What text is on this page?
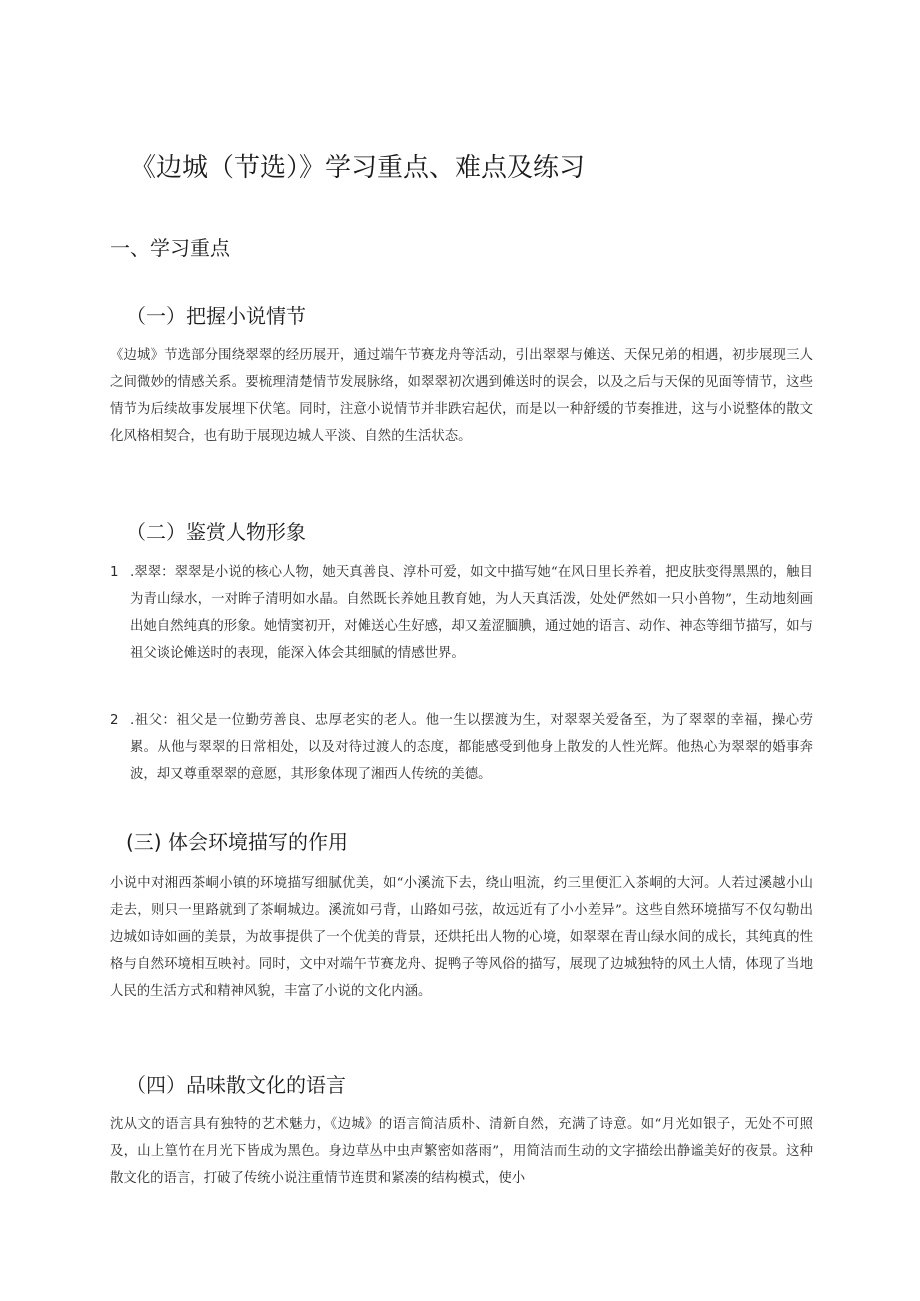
《边城（节选）》学习重点、难点及练习
一、学习重点
（一）把握小说情节

《边城》节选部分围绕翠翠的经历展开，通过端午节赛龙舟等活动，引出翠翠与傩送、天保兄弟的相遇，初步展现三人之间微妙的情感关系。要梳理清楚情节发展脉络，如翠翠初次遇到傩送时的误会，以及之后与天保的见面等情节，这些情节为后续故事发展埋下伏笔。同时，注意小说情节并非跌宕起伏，而是以一种舒缓的节奏推进，这与小说整体的散文化风格相契合，也有助于展现边城人平淡、自然的生活状态。

（二）鉴赏人物形象
1 .翠翠：翠翠是小说的核心人物，她天真善良、淳朴可爱，如文中描写她“在风日里长养着，把皮肤变得黑黑的，触目为青山绿水，一对眸子清明如水晶。自然既长养她且教育她，为人天真活泼，处处俨然如一只小兽物”，生动地刻画出她自然纯真的形象。她情窦初开，对傩送心生好感，却又羞涩腼腆，通过她的语言、动作、神态等细节描写，如与祖父谈论傩送时的表现，能深入体会其细腻的情感世界。
2 .祖父：祖父是一位勤劳善良、忠厚老实的老人。他一生以摆渡为生，对翠翠关爱备至，为了翠翠的幸福，操心劳累。从他与翠翠的日常相处，以及对待过渡人的态度，都能感受到他身上散发的人性光辉。他热心为翠翠的婚事奔波，却又尊重翠翠的意愿，其形象体现了湘西人传统的美德。
(三) 体会环境描写的作用

小说中对湘西茶峒小镇的环境描写细腻优美，如“小溪流下去，绕山咀流，约三里便汇入茶峒的大河。人若过溪越小山走去，则只一里路就到了茶峒城边。溪流如弓背，山路如弓弦，故远近有了小小差异”。这些自然环境描写不仅勾勒出边城如诗如画的美景，为故事提供了一个优美的背景，还烘托出人物的心境，如翠翠在青山绿水间的成长，其纯真的性格与自然环境相互映衬。同时，文中对端午节赛龙舟、捉鸭子等风俗的描写，展现了边城独特的风土人情，体现了当地人民的生活方式和精神风貌，丰富了小说的文化内涵。

（四）品味散文化的语言

沈从文的语言具有独特的艺术魅力，《边城》的语言简洁质朴、清新自然，充满了诗意。如“月光如银子，无处不可照及，山上篁竹在月光下皆成为黑色。身边草丛中虫声繁密如落雨”，用简洁而生动的文字描绘出静谧美好的夜景。这种散文化的语言，打破了传统小说注重情节连贯和紧凑的结构模式，使小
